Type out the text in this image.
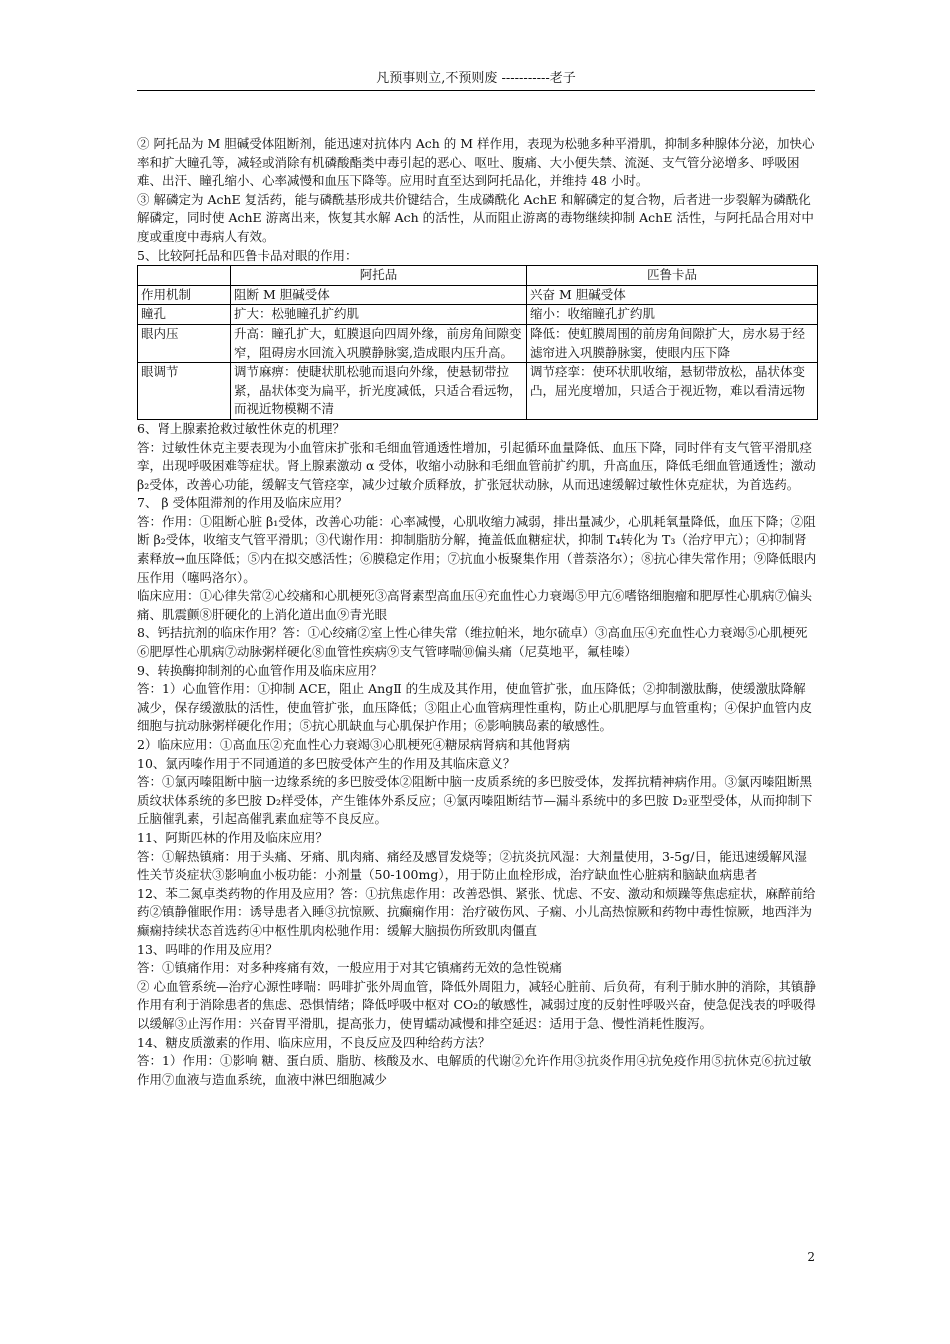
凡预事则立,不预则废 -----------老子

② 阿托品为 M 胆碱受体阻断剂，能迅速对抗体内 Ach 的 M 样作用，表现为松驰多种平滑肌，抑制多种腺体分泌，加快心率和扩大瞳孔等，减轻或消除有机磷酸酯类中毒引起的恶心、呕吐、腹痛、大小便失禁、流涎、支气管分泌增多、呼吸困难、出汗、瞳孔缩小、心率减慢和血压下降等。应用时直至达到阿托品化，并维持 48 小时。

③ 解磷定为 AchE 复活药，能与磷酰基形成共价键结合，生成磷酰化 AchE 和解磷定的复合物，后者进一步裂解为磷酰化解磷定，同时使 AchE 游离出来，恢复其水解 Ach 的活性，从而阻止游离的毒物继续抑制 AchE 活性，与阿托品合用对中度或重度中毒病人有效。

5、比较阿托品和匹鲁卡品对眼的作用：

	阿托品	匹鲁卡品
作用机制	阻断 M 胆碱受体	兴奋 M 胆碱受体
瞳孔	扩大：松驰瞳孔扩约肌	缩小：收缩瞳孔扩约肌
眼内压	升高：瞳孔扩大，虹膜退向四周外缘，前房角间隙变窄，阻碍房水回流入巩膜静脉窦,造成眼内压升高。	降低：使虹膜周围的前房角间隙扩大，房水易于经滤帘进入巩膜静脉窦，使眼内压下降
眼调节	调节麻痹：使睫状肌松驰而退向外缘，使悬韧带拉紧，晶状体变为扁平，折光度减低，只适合看远物，而视近物模糊不清	调节痉挛：使环状肌收缩，悬韧带放松，晶状体变凸，屈光度增加，只适合于视近物，难以看清远物

6、肾上腺素抢救过敏性休克的机理？

答：过敏性休克主要表现为小血管床扩张和毛细血管通透性增加，引起循环血量降低、血压下降，同时伴有支气管平滑肌痉挛，出现呼吸困难等症状。肾上腺素激动 α 受体，收缩小动脉和毛细血管前扩约肌，升高血压，降低毛细血管通透性；激动 β₂受体，改善心功能，缓解支气管痉挛，减少过敏介质释放，扩张冠状动脉，从而迅速缓解过敏性休克症状，为首选药。

7、 β 受体阻滞剂的作用及临床应用？

答：作用：①阻断心脏 β₁受体，改善心功能：心率减慢，心肌收缩力减弱，排出量减少，心肌耗氧量降低，血压下降；②阻断 β₂受体，收缩支气管平滑肌；③代谢作用：抑制脂肪分解，掩盖低血糖症状，抑制 T₄转化为 T₃（治疗甲亢）；④抑制肾素释放→血压降低；⑤内在拟交感活性；⑥膜稳定作用；⑦抗血小板聚集作用（普萘洛尔）；⑧抗心律失常作用；⑨降低眼内压作用（噻吗洛尔）。

临床应用：①心律失常②心绞痛和心肌梗死③高肾素型高血压④充血性心力衰竭⑤甲亢⑥嗜铬细胞瘤和肥厚性心肌病⑦偏头痛、肌震颤⑧肝硬化的上消化道出血⑨青光眼

8、钙拮抗剂的临床作用？答：①心绞痛②室上性心律失常（维拉帕米，地尔硫卓）③高血压④充血性心力衰竭⑤心肌梗死⑥肥厚性心肌病⑦动脉粥样硬化⑧血管性疾病⑨支气管哮喘⑩偏头痛（尼莫地平，氟桂嗪）

9、转换酶抑制剂的心血管作用及临床应用？

答：1）心血管作用：①抑制 ACE，阻止 AngⅡ 的生成及其作用，使血管扩张，血压降低；②抑制激肽酶，使缓激肽降解减少，保存缓激肽的活性，使血管扩张，血压降低；③阻止心血管病理性重构，防止心肌肥厚与血管重构；④保护血管内皮细胞与抗动脉粥样硬化作用；⑤抗心肌缺血与心肌保护作用；⑥影响胰岛素的敏感性。

2）临床应用：①高血压②充血性心力衰竭③心肌梗死④糖尿病肾病和其他肾病

10、氯丙嗪作用于不同通道的多巴胺受体产生的作用及其临床意义？

答：①氯丙嗪阻断中脑一边缘系统的多巴胺受体②阻断中脑一皮质系统的多巴胺受体，发挥抗精神病作用。③氯丙嗪阻断黑质纹状体系统的多巴胺 D₂样受体，产生锥体外系反应；④氯丙嗪阻断结节—漏斗系统中的多巴胺 D₂亚型受体，从而抑制下丘脑催乳素，引起高催乳素血症等不良反应。

11、阿斯匹林的作用及临床应用？

答：①解热镇痛：用于头痛、牙痛、肌肉痛、痛经及感冒发烧等；②抗炎抗风湿：大剂量使用，3-5g/日，能迅速缓解风湿性关节炎症状③影响血小板功能：小剂量（50-100mg），用于防止血栓形成，治疗缺血性心脏病和脑缺血病患者

12、苯二氮卓类药物的作用及应用？答：①抗焦虑作用：改善恐惧、紧张、忧虑、不安、激动和烦躁等焦虑症状，麻醉前给药②镇静催眠作用：诱导患者入睡③抗惊厥、抗癫痫作用：治疗破伤风、子痫、小儿高热惊厥和药物中毒性惊厥，地西泮为癫痫持续状态首选药④中枢性肌肉松驰作用：缓解大脑损伤所致肌肉僵直

13、吗啡的作用及应用？

答：①镇痛作用：对多种疼痛有效，一般应用于对其它镇痛药无效的急性锐痛

② 心血管系统—治疗心源性哮喘：吗啡扩张外周血管，降低外周阻力，减轻心脏前、后负荷，有利于肺水肿的消除，其镇静作用有利于消除患者的焦虑、恐惧情绪；降低呼吸中枢对 CO₂的敏感性，减弱过度的反射性呼吸兴奋，使急促浅表的呼吸得以缓解③止泻作用：兴奋胃平滑肌，提高张力，使胃蠕动减慢和排空延迟：适用于急、慢性消耗性腹泻。

14、糖皮质激素的作用、临床应用，不良反应及四种给药方法？

答：1）作用：①影响 糖、蛋白质、脂肪、核酸及水、电解质的代谢②允许作用③抗炎作用④抗免疫作用⑤抗休克⑥抗过敏作用⑦血液与造血系统，血液中淋巴细胞减少

2
